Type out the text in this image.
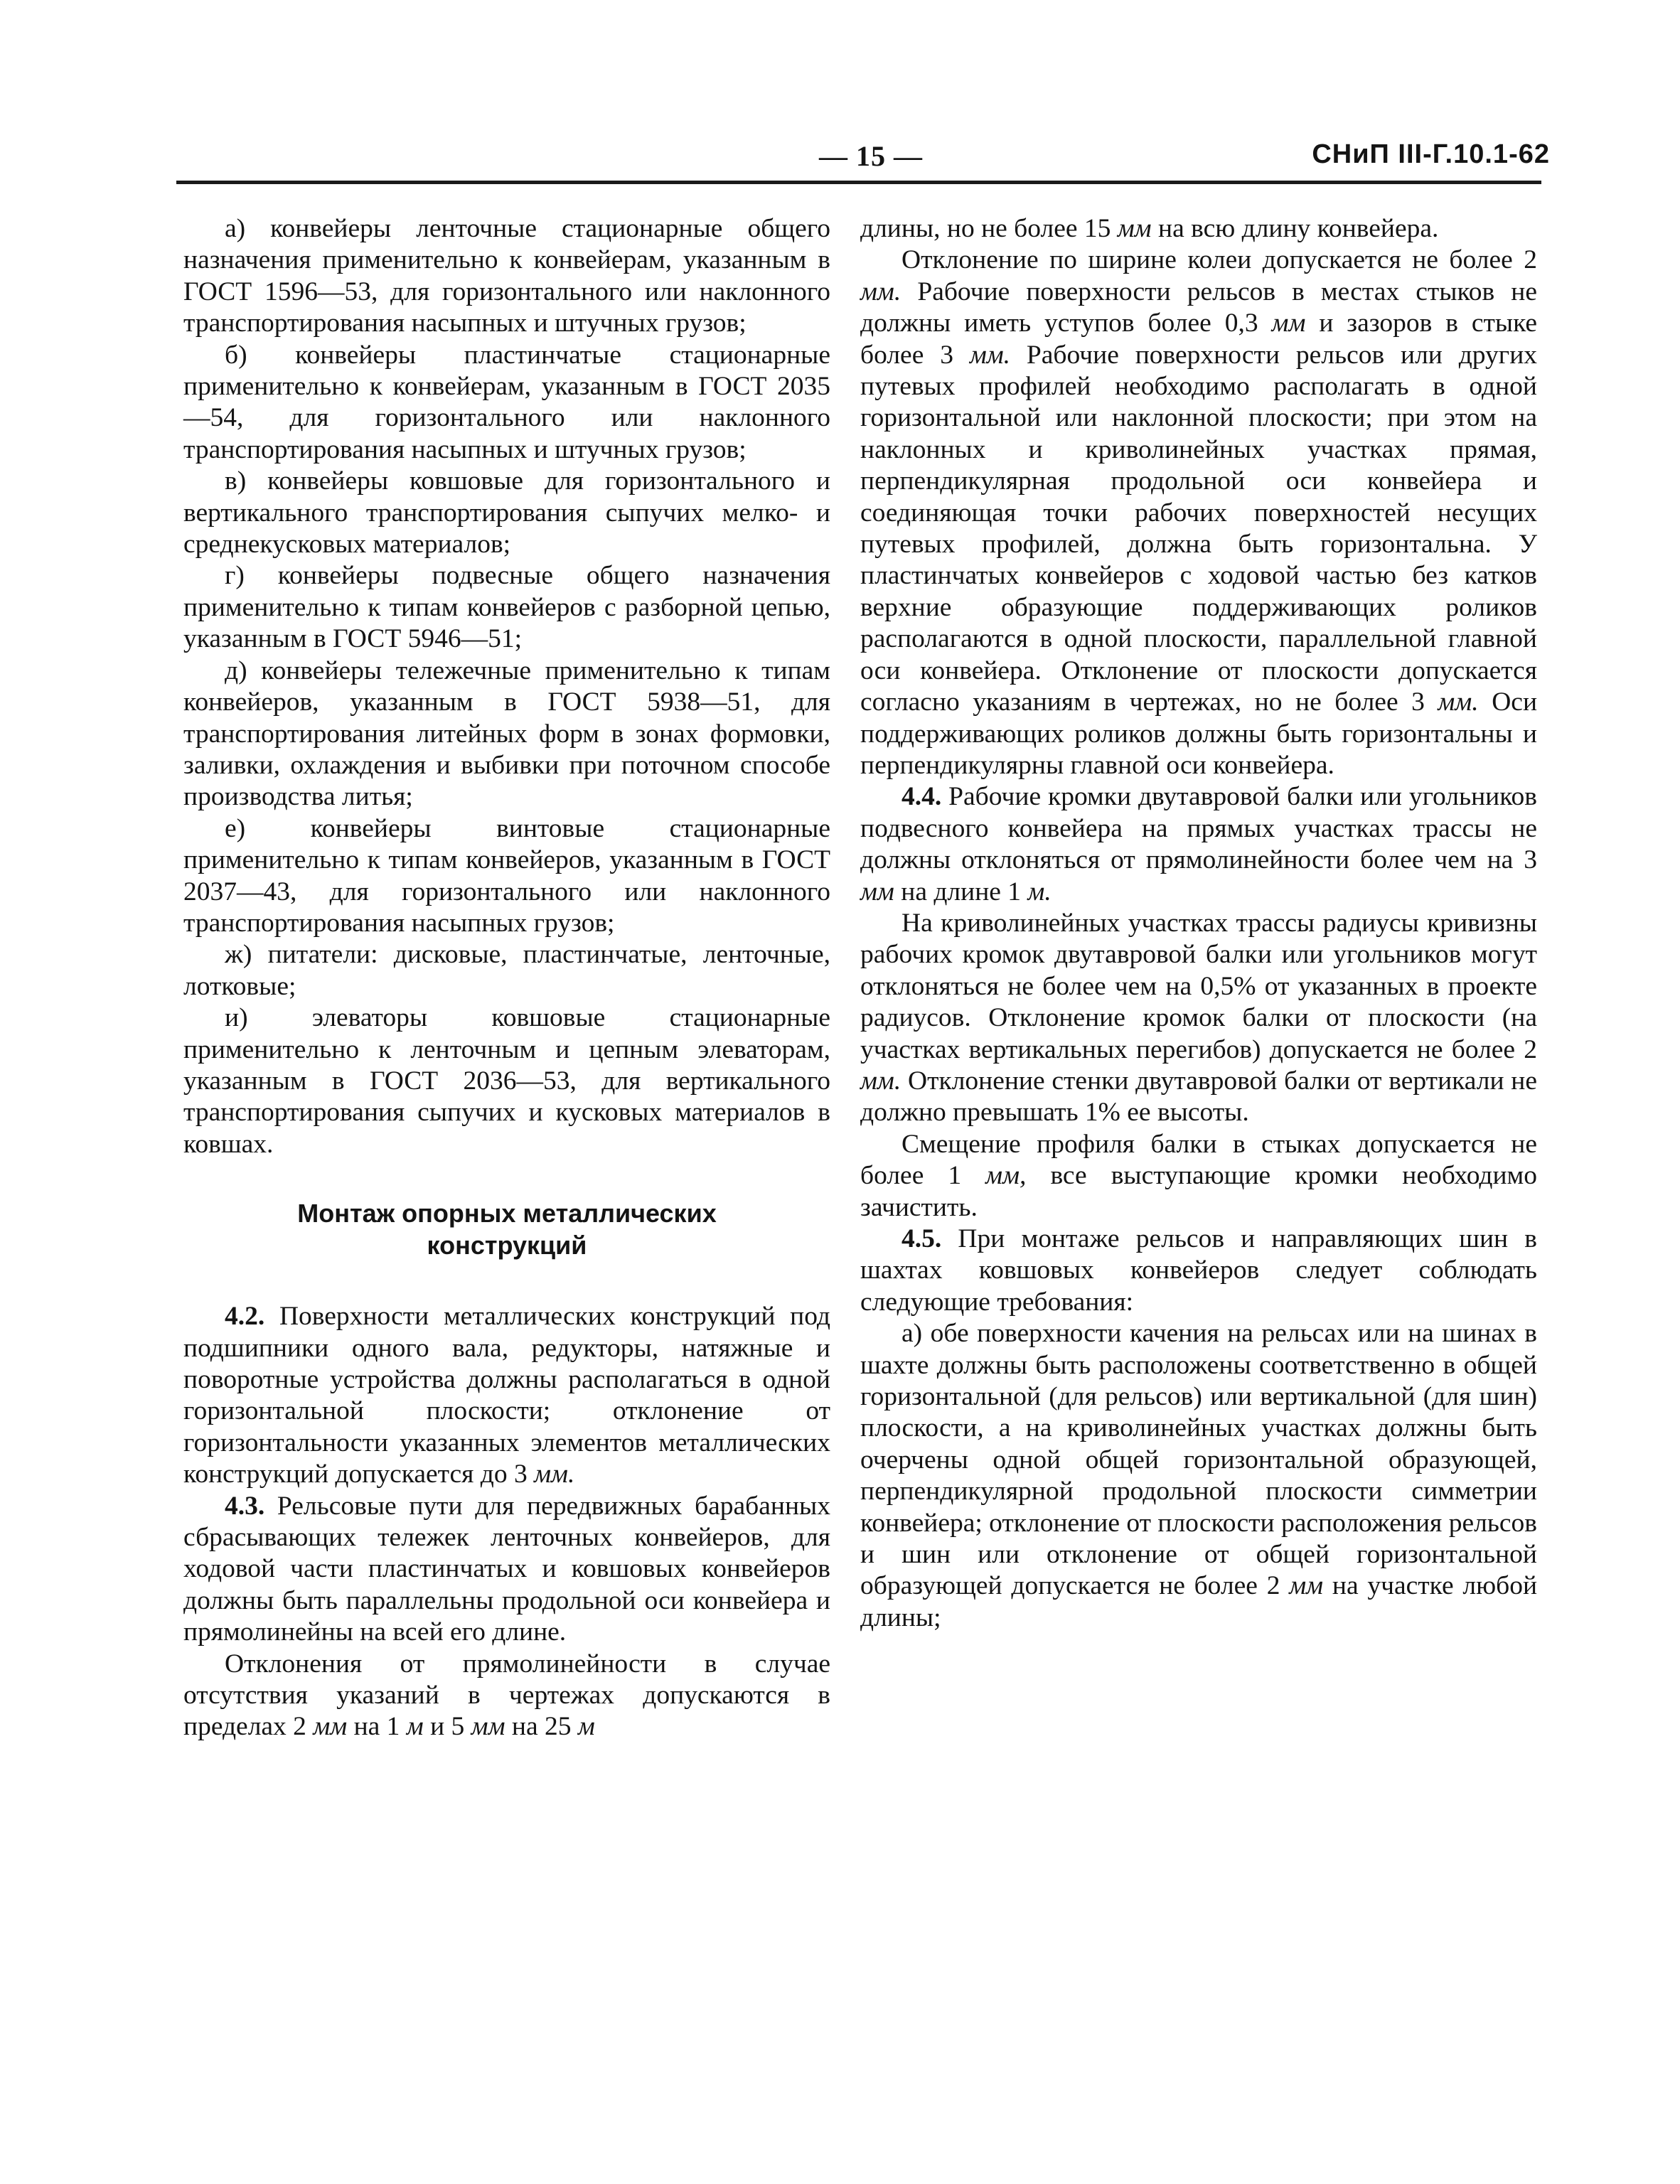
— 15 —	СНиП III-Г.10.1-62

а) конвейеры ленточные стационарные общего назначения применительно к конвейерам, указанным в ГОСТ 1596—53, для горизонтального или наклонного транспортирования насыпных и штучных грузов;

б) конвейеры пластинчатые стационарные применительно к конвейерам, указанным в ГОСТ 2035—54, для горизонтального или наклонного транспортирования насыпных и штучных грузов;

в) конвейеры ковшовые для горизонтального и вертикального транспортирования сыпучих мелко- и среднекусковых материалов;

г) конвейеры подвесные общего назначения применительно к типам конвейеров с разборной цепью, указанным в ГОСТ 5946—51;

д) конвейеры тележечные применительно к типам конвейеров, указанным в ГОСТ 5938—51, для транспортирования литейных форм в зонах формовки, заливки, охлаждения и выбивки при поточном способе производства литья;

е) конвейеры винтовые стационарные применительно к типам конвейеров, указанным в ГОСТ 2037—43, для горизонтального или наклонного транспортирования насыпных грузов;

ж) питатели: дисковые, пластинчатые, ленточные, лотковые;

и) элеваторы ковшовые стационарные применительно к ленточным и цепным элеваторам, указанным в ГОСТ 2036—53, для вертикального транспортирования сыпучих и кусковых материалов в ковшах.

Монтаж опорных металлических конструкций

4.2. Поверхности металлических конструкций под подшипники одного вала, редукторы, натяжные и поворотные устройства должны располагаться в одной горизонтальной плоскости; отклонение от горизонтальности указанных элементов металлических конструкций допускается до 3 мм.

4.3. Рельсовые пути для передвижных барабанных сбрасывающих тележек ленточных конвейеров, для ходовой части пластинчатых и ковшовых конвейеров должны быть параллельны продольной оси конвейера и прямолинейны на всей его длине.

Отклонения от прямолинейности в случае отсутствия указаний в чертежах допускаются в пределах 2 мм на 1 м и 5 мм на 25 м

длины, но не более 15 мм на всю длину конвейера.

Отклонение по ширине колеи допускается не более 2 мм. Рабочие поверхности рельсов в местах стыков не должны иметь уступов более 0,3 мм и зазоров в стыке более 3 мм. Рабочие поверхности рельсов или других путевых профилей необходимо располагать в одной горизонтальной или наклонной плоскости; при этом на наклонных и криволинейных участках прямая, перпендикулярная продольной оси конвейера и соединяющая точки рабочих поверхностей несущих путевых профилей, должна быть горизонтальна. У пластинчатых конвейеров с ходовой частью без катков верхние образующие поддерживающих роликов располагаются в одной плоскости, параллельной главной оси конвейера. Отклонение от плоскости допускается согласно указаниям в чертежах, но не более 3 мм. Оси поддерживающих роликов должны быть горизонтальны и перпендикулярны главной оси конвейера.

4.4. Рабочие кромки двутавровой балки или угольников подвесного конвейера на прямых участках трассы не должны отклоняться от прямолинейности более чем на 3 мм на длине 1 м.

На криволинейных участках трассы радиусы кривизны рабочих кромок двутавровой балки или угольников могут отклоняться не более чем на 0,5% от указанных в проекте радиусов. Отклонение кромок балки от плоскости (на участках вертикальных перегибов) допускается не более 2 мм. Отклонение стенки двутавровой балки от вертикали не должно превышать 1% ее высоты.

Смещение профиля балки в стыках допускается не более 1 мм, все выступающие кромки необходимо зачистить.

4.5. При монтаже рельсов и направляющих шин в шахтах ковшовых конвейеров следует соблюдать следующие требования:

а) обе поверхности качения на рельсах или на шинах в шахте должны быть расположены соответственно в общей горизонтальной (для рельсов) или вертикальной (для шин) плоскости, а на криволинейных участках должны быть очерчены одной общей горизонтальной образующей, перпендикулярной продольной плоскости симметрии конвейера; отклонение от плоскости расположения рельсов и шин или отклонение от общей горизонтальной образующей допускается не более 2 мм на участке любой длины;
